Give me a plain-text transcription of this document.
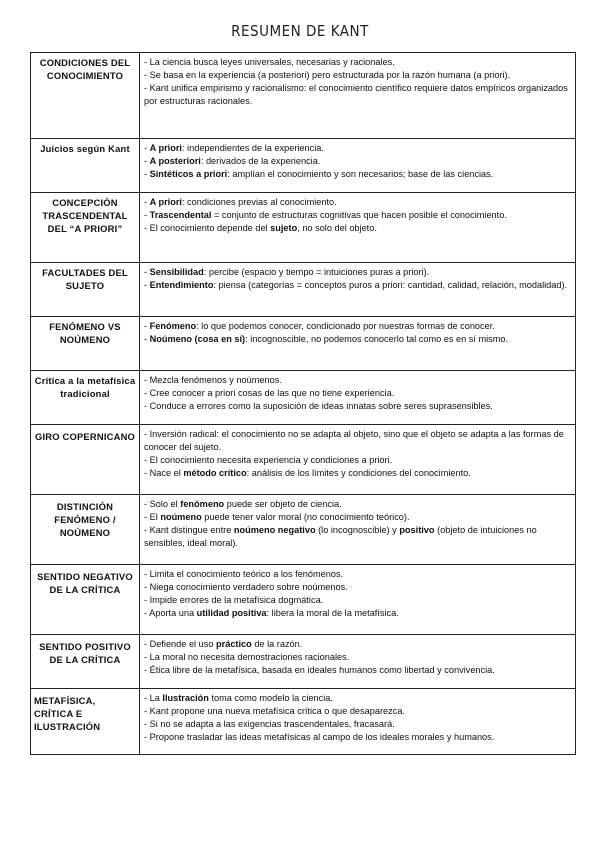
RESUMEN DE KANT
CONDICIONES DEL CONOCIMIENTO	- La ciencia busca leyes universales, necesarias y racionales.
- Se basa en la experiencia (a posteriori) pero estructurada por la razón humana (a priori).
- Kant unifica empirismo y racionalismo: el conocimiento científico requiere datos empíricos organizados por estructuras racionales.

Juicios según Kant	- A priori: independientes de la experiencia.
- A posteriori: derivados de la experiencia.
- Sintéticos a priori: amplían el conocimiento y son necesarios; base de las ciencias.

CONCEPCIÓN TRASCENDENTAL DEL “A PRIORI”	- A priori: condiciones previas al conocimiento.
- Trascendental = conjunto de estructuras cognitivas que hacen posible el conocimiento.
- El conocimiento depende del sujeto, no solo del objeto.

FACULTADES DEL SUJETO	- Sensibilidad: percibe (espacio y tiempo = intuiciones puras a priori).
- Entendimiento: piensa (categorías = conceptos puros a priori: cantidad, calidad, relación, modalidad).

FENÓMENO VS NOÚMENO	- Fenómeno: lo que podemos conocer, condicionado por nuestras formas de conocer.
- Noúmeno (cosa en sí): incognoscible, no podemos conocerlo tal como es en sí mismo.

Crítica a la metafísica tradicional	- Mezcla fenómenos y noúmenos.
- Cree conocer a priori cosas de las que no tiene experiencia.
- Conduce a errores como la suposición de ideas innatas sobre seres suprasensibles.

GIRO COPERNICANO	- Inversión radical: el conocimiento no se adapta al objeto, sino que el objeto se adapta a las formas de conocer del sujeto.
- El conocimiento necesita experiencia y condiciones a priori.
- Nace el método crítico: análisis de los límites y condiciones del conocimiento.

DISTINCIÓN FENÓMENO / NOÚMENO	- Solo el fenómeno puede ser objeto de ciencia.
- El noúmeno puede tener valor moral (no conocimiento teórico).
- Kant distingue entre noúmeno negativo (lo incognoscible) y positivo (objeto de intuiciones no sensibles, ideal moral).

SENTIDO NEGATIVO DE LA CRÍTICA	- Limita el conocimiento teórico a los fenómenos.
- Niega conocimiento verdadero sobre noúmenos.
- Impide errores de la metafísica dogmática.
- Aporta una utilidad positiva: libera la moral de la metafísica.

SENTIDO POSITIVO DE LA CRÍTICA	- Defiende el uso práctico de la razón.
- La moral no necesita demostraciones racionales.
- Ética libre de la metafísica, basada en ideales humanos como libertad y convivencia.

METAFÍSICA, CRÍTICA E ILUSTRACIÓN	- La Ilustración toma como modelo la ciencia.
- Kant propone una nueva metafísica crítica o que desaparezca.
- Si no se adapta a las exigencias trascendentales, fracasará.
- Propone trasladar las ideas metafísicas al campo de los ideales morales y humanos.
